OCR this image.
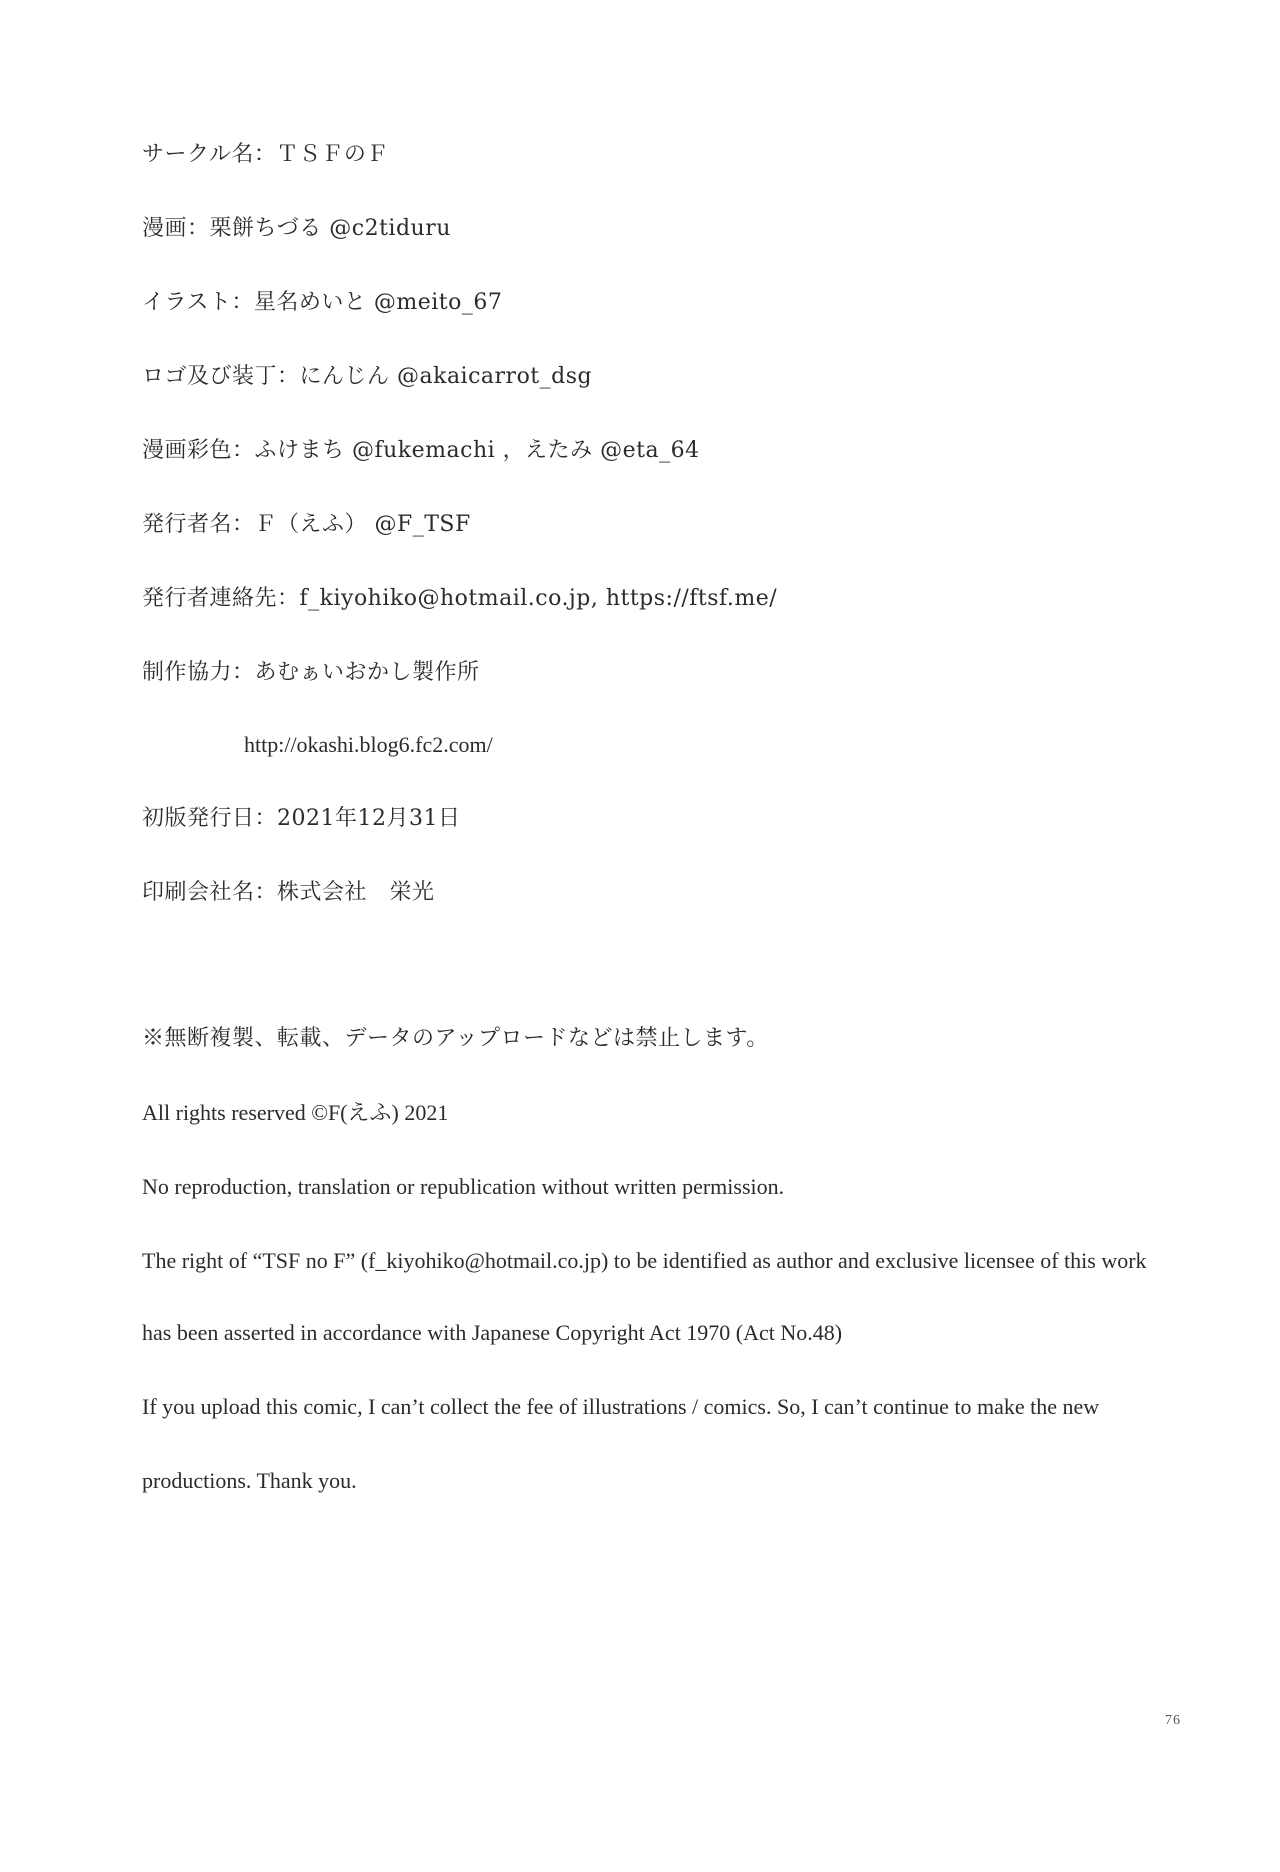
サークル名：ＴＳＦのＦ
漫画：栗餅ちづる @c2tiduru
イラスト：星名めいと @meito_67
ロゴ及び装丁：にんじん @akaicarrot_dsg
漫画彩色：ふけまち @fukemachi ，えたみ @eta_64
発行者名：Ｆ（えふ） @F_TSF
発行者連絡先：f_kiyohiko@hotmail.co.jp, https://ftsf.me/
制作協力：あむぁいおかし製作所
http://okashi.blog6.fc2.com/
初版発行日：2021年12月31日
印刷会社名：株式会社　栄光
※無断複製、転載、データのアップロードなどは禁止します。
All rights reserved ©F(えふ) 2021
No reproduction, translation or republication without written permission.
The right of “TSF no F” (f_kiyohiko@hotmail.co.jp) to be identified as author and exclusive licensee of this work
has been asserted in accordance with Japanese Copyright Act 1970 (Act No.48)
If you upload this comic, I can’t collect the fee of illustrations / comics. So, I can’t continue to make the new
productions. Thank you.
76
